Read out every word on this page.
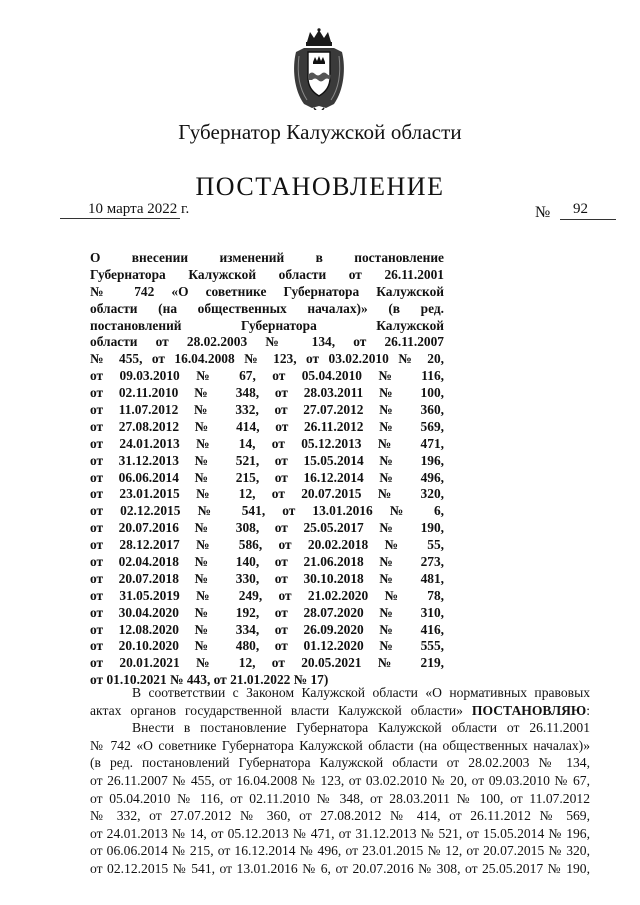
Губернатор Калужской области
ПОСТАНОВЛЕНИЕ
10 марта 2022 г.	№ 92
О внесении изменений в постановление
Губернатора Калужской области от 26.11.2001
№ 742 «О советнике Губернатора Калужской
области (на общественных началах)» (в ред.
постановлений Губернатора Калужской
области от 28.02.2003 № 134, от 26.11.2007
№ 455, от 16.04.2008 № 123, от 03.02.2010 № 20,
от 09.03.2010 № 67, от 05.04.2010 № 116,
от 02.11.2010 № 348, от 28.03.2011 № 100,
от 11.07.2012 № 332, от 27.07.2012 № 360,
от 27.08.2012 № 414, от 26.11.2012 № 569,
от 24.01.2013 № 14, от 05.12.2013 № 471,
от 31.12.2013 № 521, от 15.05.2014 № 196,
от 06.06.2014 № 215, от 16.12.2014 № 496,
от 23.01.2015 № 12, от 20.07.2015 № 320,
от 02.12.2015 № 541, от 13.01.2016 № 6,
от 20.07.2016 № 308, от 25.05.2017 № 190,
от 28.12.2017 № 586, от 20.02.2018 № 55,
от 02.04.2018 № 140, от 21.06.2018 № 273,
от 20.07.2018 № 330, от 30.10.2018 № 481,
от 31.05.2019 № 249, от 21.02.2020 № 78,
от 30.04.2020 № 192, от 28.07.2020 № 310,
от 12.08.2020 № 334, от 26.09.2020 № 416,
от 20.10.2020 № 480, от 01.12.2020 № 555,
от 20.01.2021 № 12, от 20.05.2021 № 219,
от 01.10.2021 № 443, от 21.01.2022 № 17)
В соответствии с Законом Калужской области «О нормативных правовых
актах органов государственной власти Калужской области» ПОСТАНОВЛЯЮ:
Внести в постановление Губернатора Калужской области от 26.11.2001
№ 742 «О советнике Губернатора Калужской области (на общественных началах)»
(в ред. постановлений Губернатора Калужской области от 28.02.2003 № 134,
от 26.11.2007 № 455, от 16.04.2008 № 123, от 03.02.2010 № 20, от 09.03.2010 № 67,
от 05.04.2010 № 116, от 02.11.2010 № 348, от 28.03.2011 № 100, от 11.07.2012
№ 332, от 27.07.2012 № 360, от 27.08.2012 № 414, от 26.11.2012 № 569,
от 24.01.2013 № 14, от 05.12.2013 № 471, от 31.12.2013 № 521, от 15.05.2014 № 196,
от 06.06.2014 № 215, от 16.12.2014 № 496, от 23.01.2015 № 12, от 20.07.2015 № 320,
от 02.12.2015 № 541, от 13.01.2016 № 6, от 20.07.2016 № 308, от 25.05.2017 № 190,
